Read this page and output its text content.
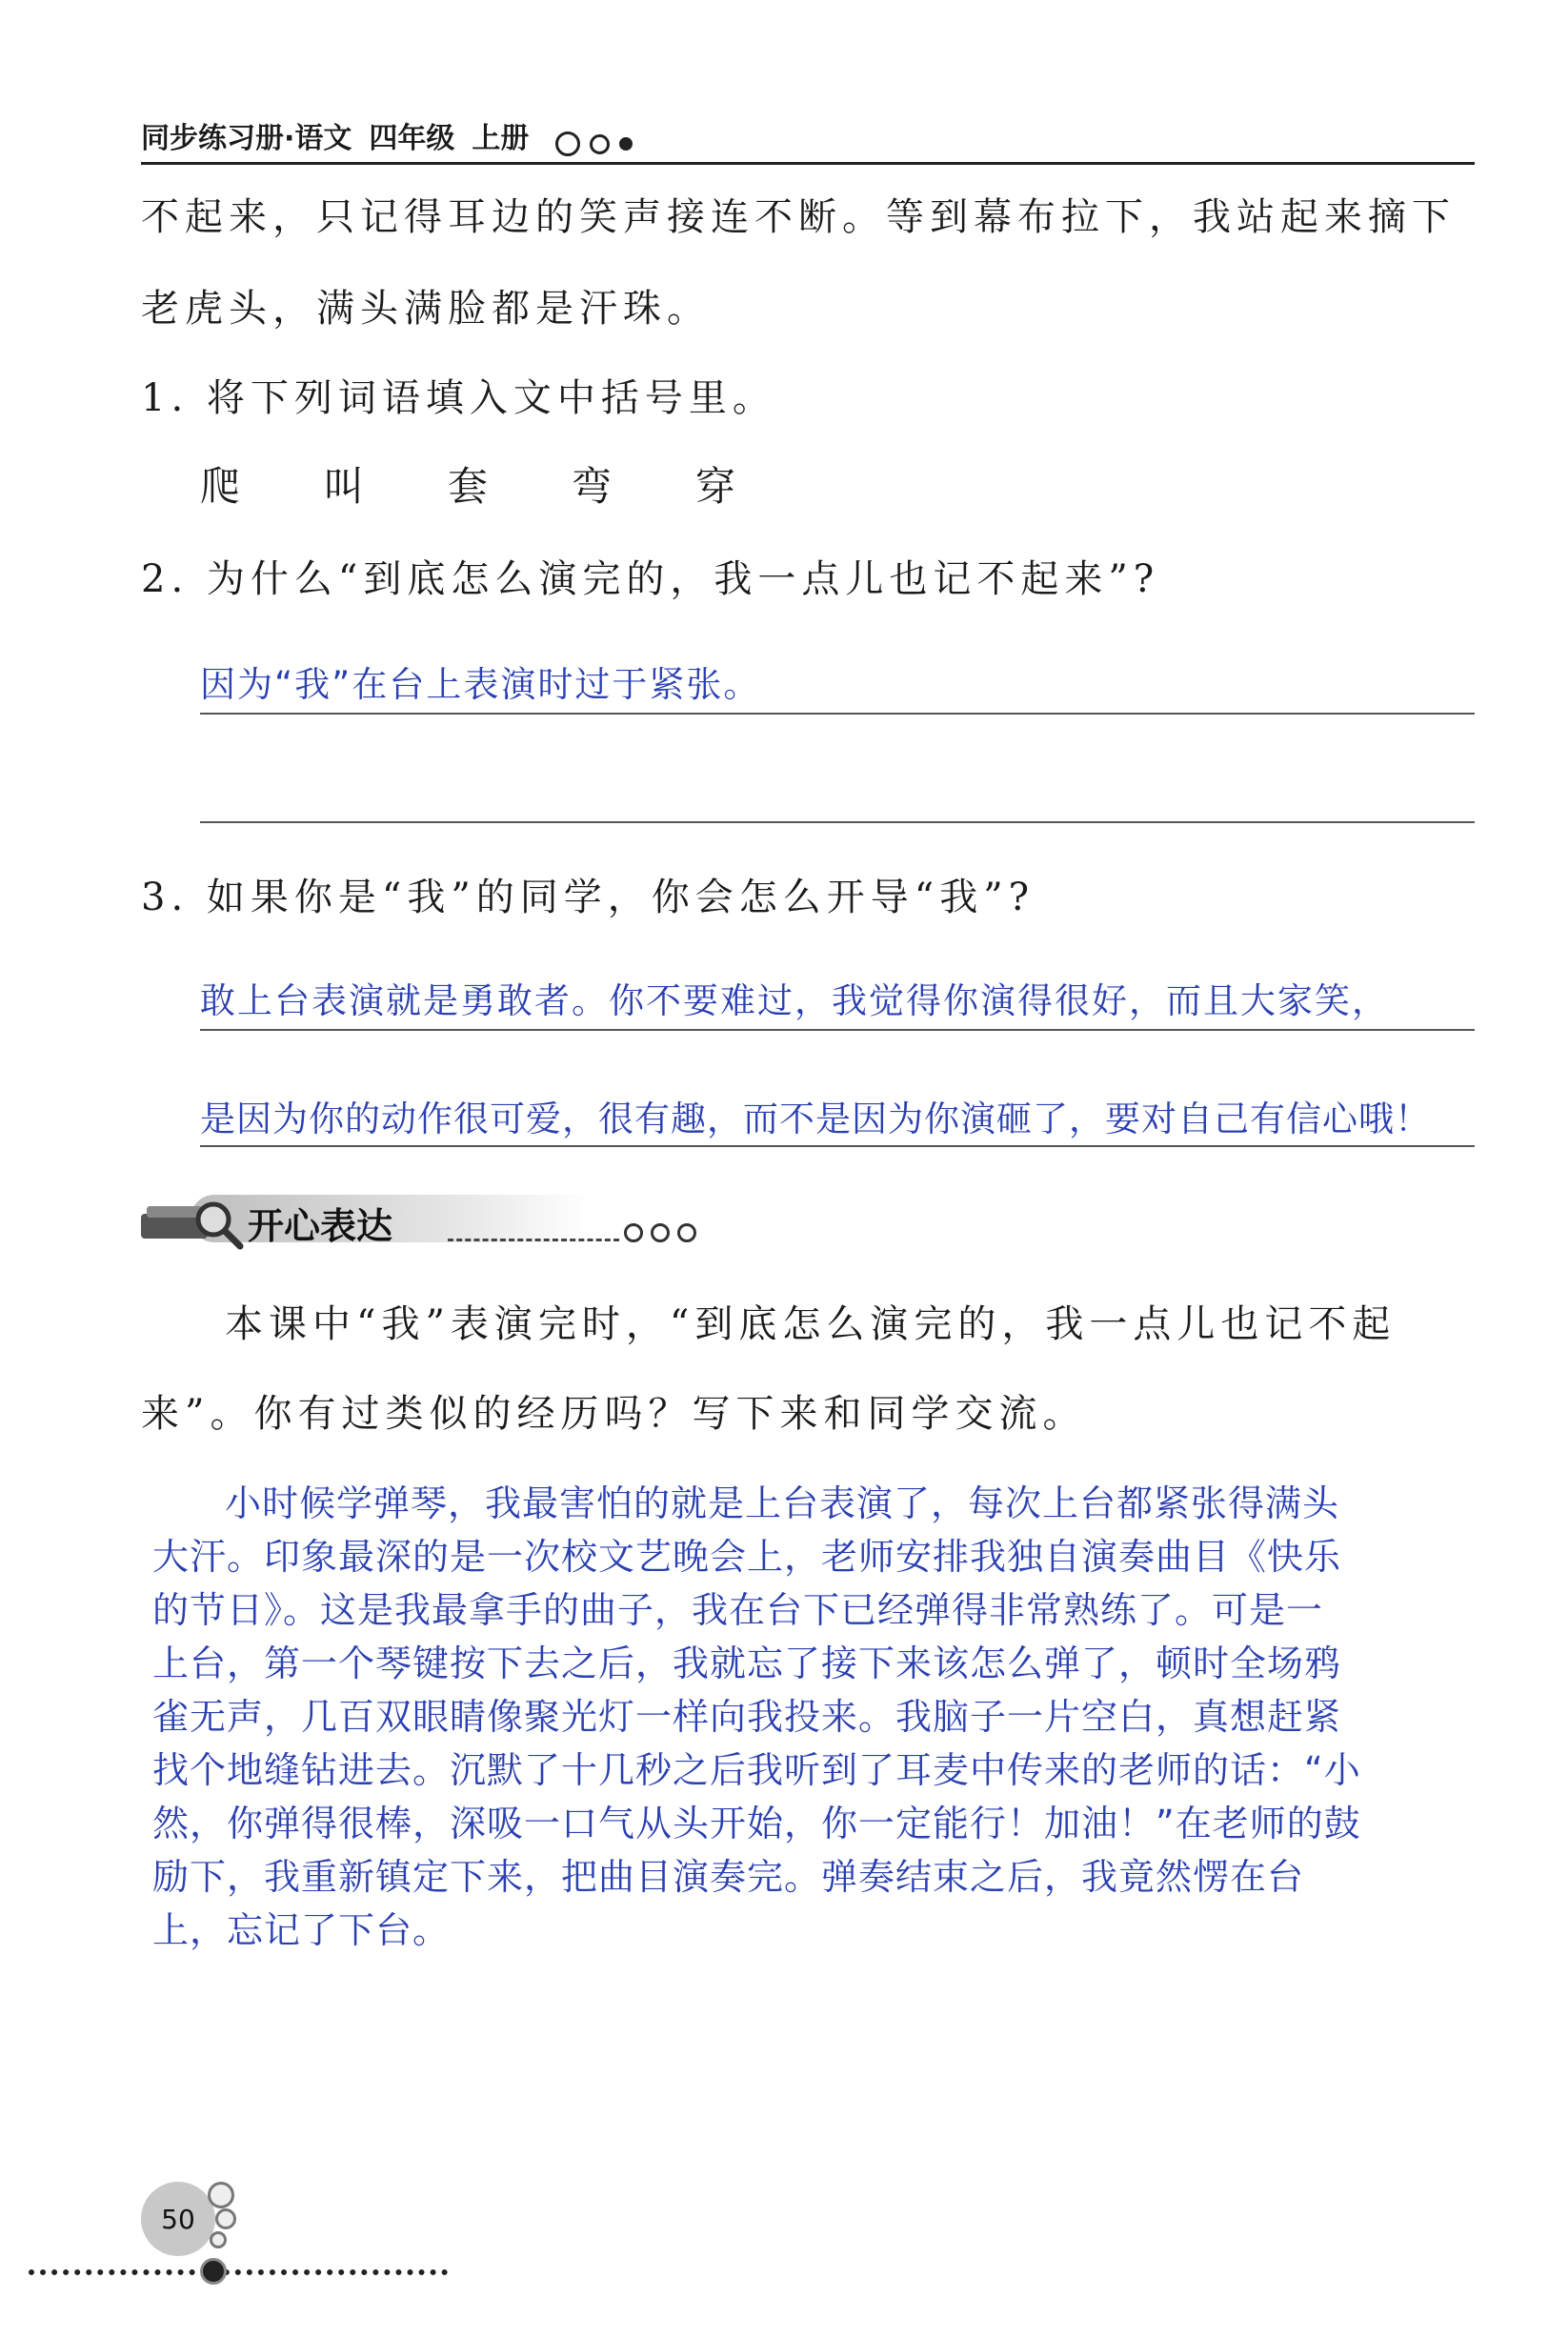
同步练习册·语文 四年级 上册
不起来，只记得耳边的笑声接连不断。等到幕布拉下，我站起来摘下
老虎头，满头满脸都是汗珠。
1. 将下列词语填入文中括号里。
爬	叫	套	弯	穿
2. 为什么“到底怎么演完的，我一点儿也记不起来”?
因为“我”在台上表演时过于紧张。
3. 如果你是“我”的同学，你会怎么开导“我”?
敢上台表演就是勇敢者。你不要难过，我觉得你演得很好，而且大家笑，
是因为你的动作很可爱，很有趣，而不是因为你演砸了，要对自己有信心哦！
开心表达
本课中“我”表演完时，“到底怎么演完的，我一点儿也记不起
来”。你有过类似的经历吗？写下来和同学交流。

小时候学弹琴，我最害怕的就是上台表演了，每次上台都紧张得满头

大汗。印象最深的是一次校文艺晚会上，老师安排我独自演奏曲目《快乐

的节日》。这是我最拿手的曲子，我在台下已经弹得非常熟练了。可是一

上台，第一个琴键按下去之后，我就忘了接下来该怎么弹了，顿时全场鸦

雀无声，几百双眼睛像聚光灯一样向我投来。我脑子一片空白，真想赶紧

找个地缝钻进去。沉默了十几秒之后我听到了耳麦中传来的老师的话：“小

然，你弹得很棒，深吸一口气从头开始，你一定能行！加油！”在老师的鼓

励下，我重新镇定下来，把曲目演奏完。弹奏结束之后，我竟然愣在台

上，忘记了下台。

50
